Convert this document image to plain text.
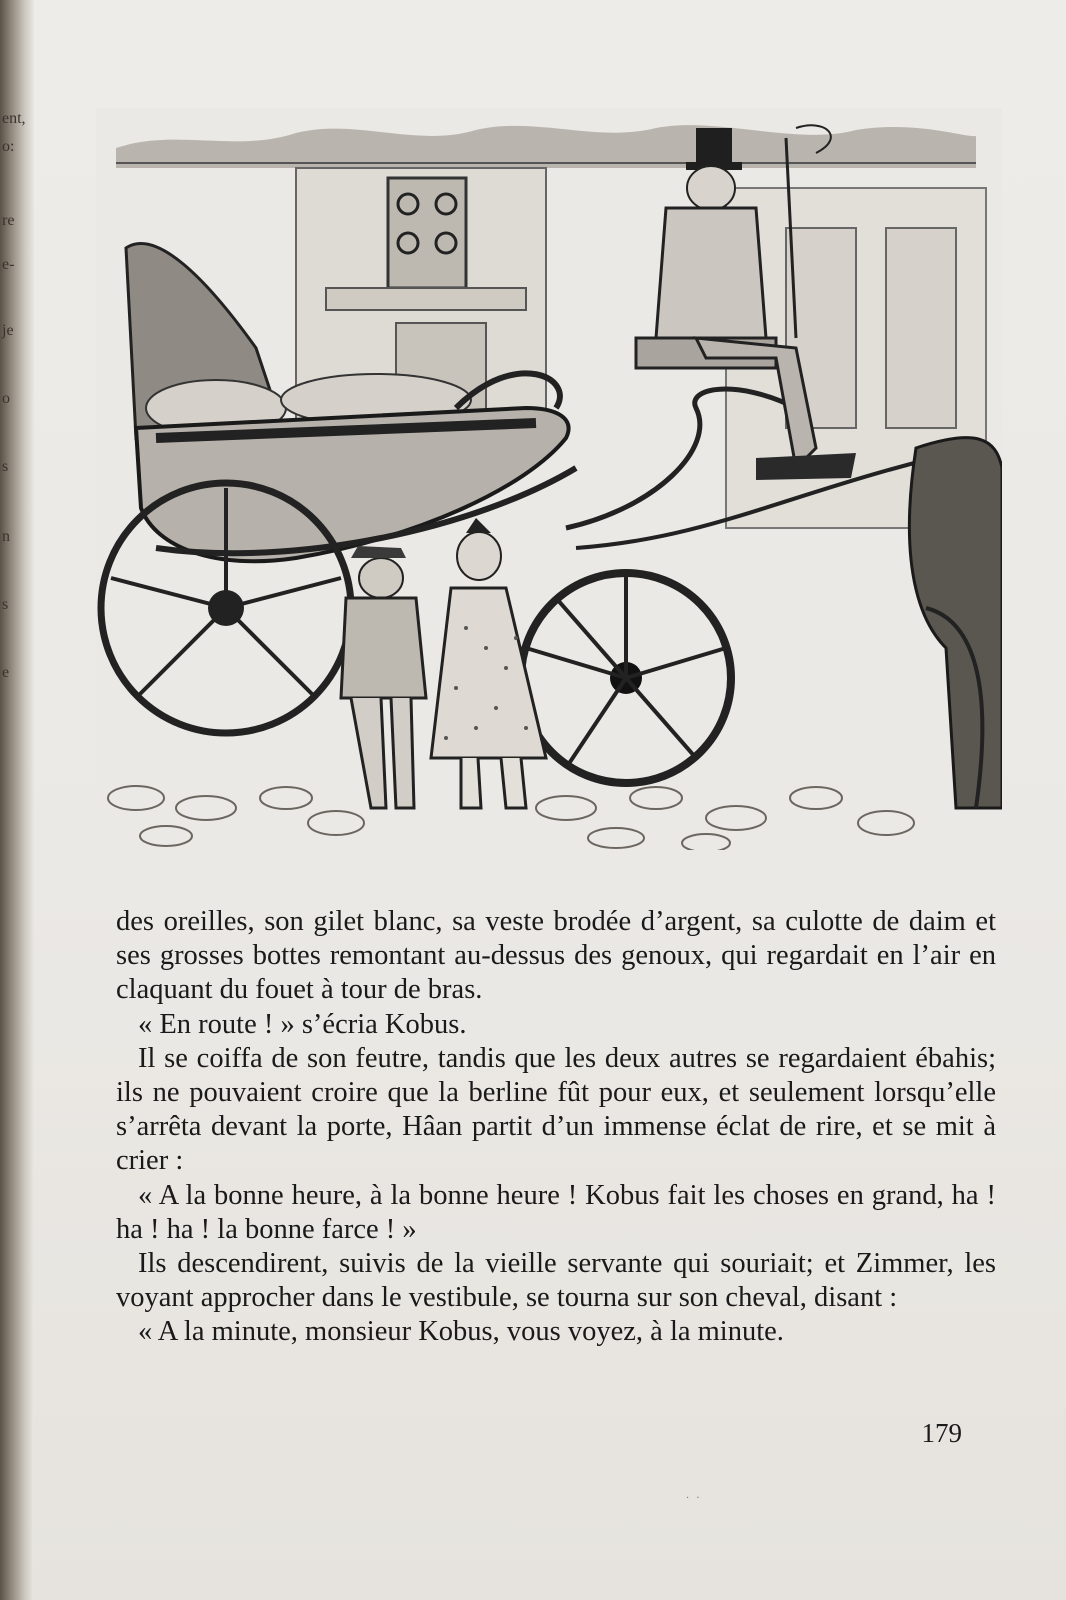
ent,
o:
re
e-
je
o
s
n
s
e

des oreilles, son gilet blanc, sa veste brodée d’argent, sa culotte de daim et ses grosses bottes remontant au-dessus des genoux, qui regardait en l’air en claquant du fouet à tour de bras.

« En route ! » s’écria Kobus.

Il se coiffa de son feutre, tandis que les deux autres se regardaient ébahis; ils ne pouvaient croire que la berline fût pour eux, et seulement lorsqu’elle s’arrêta devant la porte, Hâan partit d’un immense éclat de rire, et se mit à crier :

« A la bonne heure, à la bonne heure ! Kobus fait les choses en grand, ha ! ha ! ha ! la bonne farce ! »

Ils descendirent, suivis de la vieille servante qui souriait; et Zimmer, les voyant approcher dans le vestibule, se tourna sur son cheval, disant :

« A la minute, monsieur Kobus, vous voyez, à la minute.

179
· ·
